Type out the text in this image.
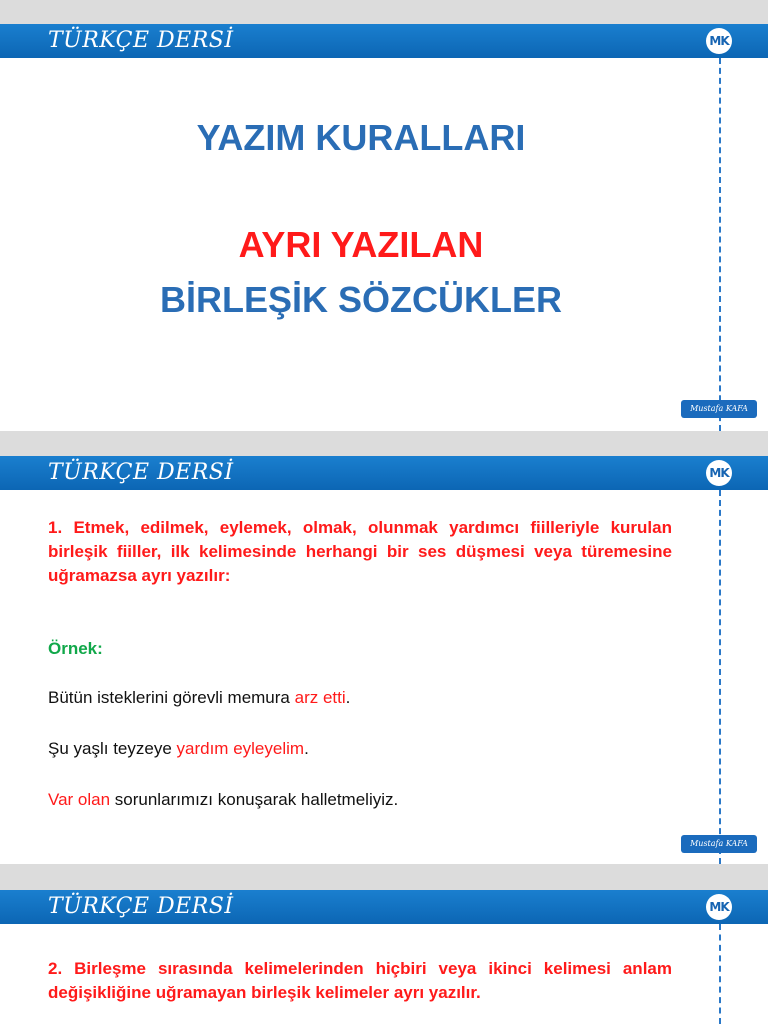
TÜRKÇE DERSİ	MK
YAZIM KURALLARI
AYRI YAZILAN
BİRLEŞİK SÖZCÜKLER
Mustafa KAFA
TÜRKÇE DERSİ	MK

1. Etmek, edilmek, eylemek, olmak, olunmak yardımcı fiilleriyle kurulan birleşik fiiller, ilk kelimesinde herhangi bir ses düşmesi veya türemesine uğramazsa ayrı yazılır:

Örnek:

Bütün isteklerini görevli memura arz etti.

Şu yaşlı teyzeye yardım eyleyelim.

Var olan sorunlarımızı konuşarak halletmeliyiz.

Mustafa KAFA
TÜRKÇE DERSİ	MK

2. Birleşme sırasında kelimelerinden hiçbiri veya ikinci kelimesi anlam değişikliğine uğramayan birleşik kelimeler ayrı yazılır.
